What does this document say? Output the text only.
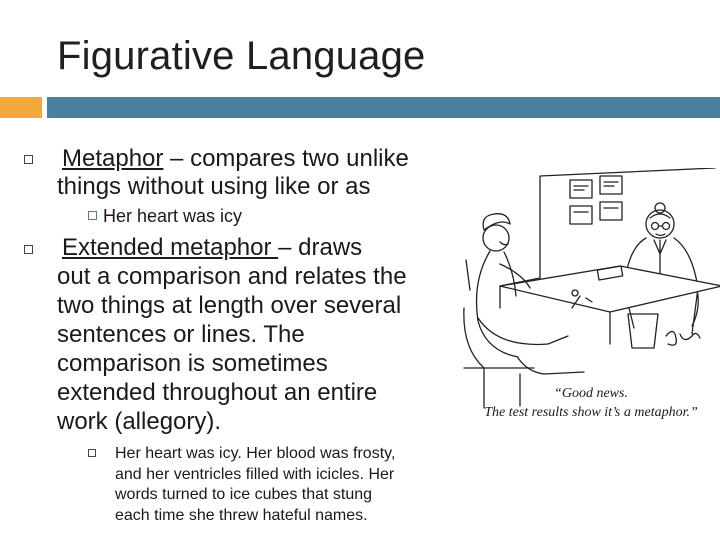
Figurative Language
Metaphor – compares two unlike
things without using like or as
Her heart was icy
Extended metaphor – draws
out a comparison and relates the
two things at length over several
sentences or lines. The
comparison is sometimes
extended throughout an entire
work (allegory).
Her heart was icy. Her blood was frosty,
and her ventricles filled with icicles. Her
words turned to ice cubes that stung
each time she threw hateful names.
“Good news.
The test results show it’s a metaphor.”
